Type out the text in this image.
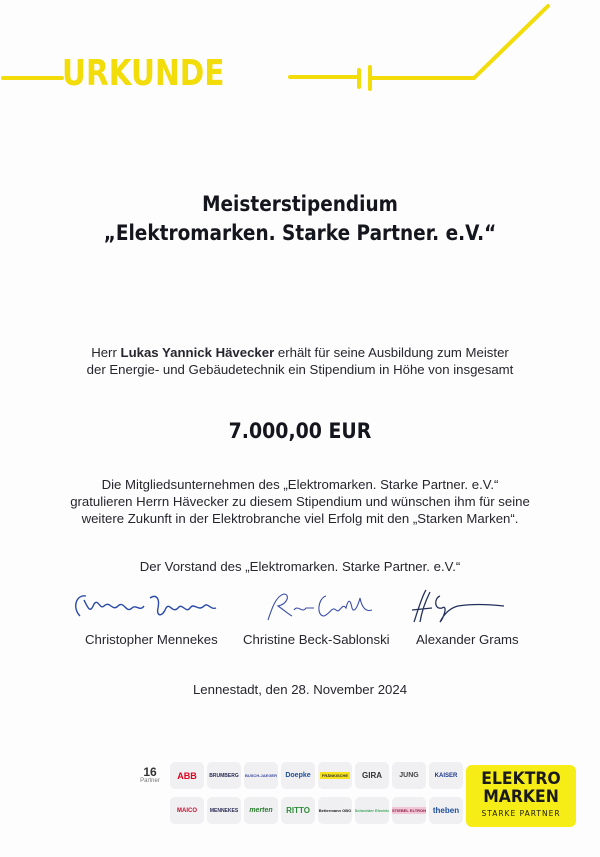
URKUNDE
Meisterstipendium
„Elektromarken. Starke Partner. e.V.“
Herr Lukas Yannick Hävecker erhält für seine Ausbildung zum Meister
der Energie- und Gebäudetechnik ein Stipendium in Höhe von insgesamt
7.000,00 EUR
Die Mitgliedsunternehmen des „Elektromarken. Starke Partner. e.V.“
gratulieren Herrn Hävecker zu diesem Stipendium und wünschen ihm für seine
weitere Zukunft in der Elektrobranche viel Erfolg mit den „Starken Marken“.
Der Vorstand des „Elektromarken. Starke Partner. e.V.“
Christopher Mennekes Christine Beck-Sablonski Alexander Grams
Lennestadt, den 28. November 2024
16
Partner
ABB	BRUMBERG	BUSCH-JAEGER	Doepke	FRÄNKISCHE	GIRA	JUNG	KAISER
MAICO	MENNEKES	merten	RITTO	Bettermann OBO Schneider Electric STIEBEL ELTRON theben
ELEKTRO
MARKEN
STARKE PARTNER
